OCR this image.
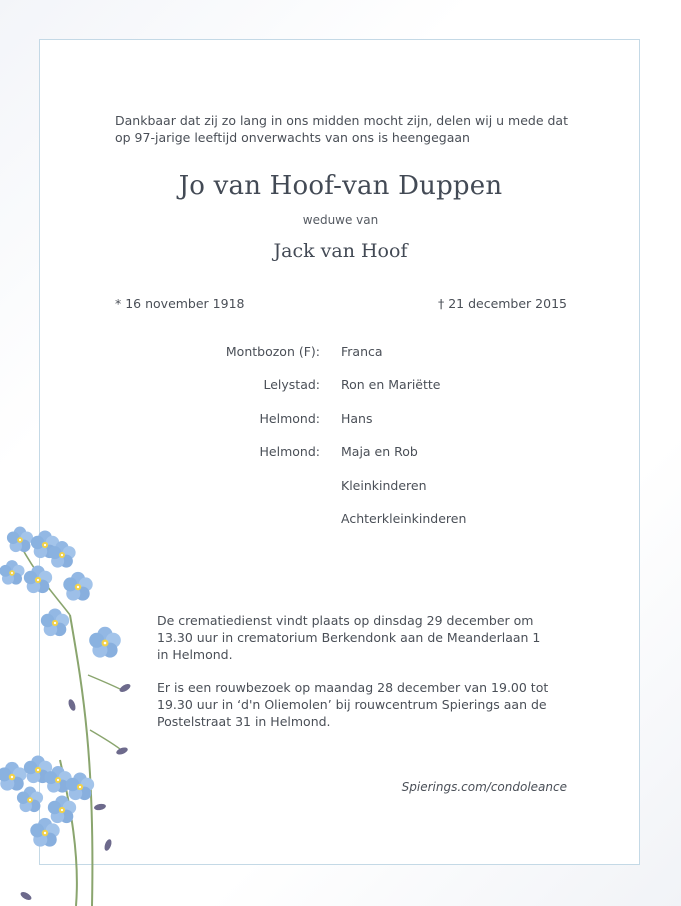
Dankbaar dat zij zo lang in ons midden mocht zijn, delen wij u mede dat
op 97-jarige leeftijd onverwachts van ons is heengegaan
Jo van Hoof-van Duppen
weduwe van
Jack van Hoof
* 16 november 1918	† 21 december 2015
Montbozon (F): Franca
Lelystad: Ron en Mariëtte
Helmond: Hans
Helmond: Maja en Rob
Kleinkinderen
Achterkleinkinderen
De crematiedienst vindt plaats op dinsdag 29 december om
13.30 uur in crematorium Berkendonk aan de Meanderlaan 1
in Helmond.
Er is een rouwbezoek op maandag 28 december van 19.00 tot
19.30 uur in ‘d'n Oliemolen’ bij rouwcentrum Spierings aan de
Postelstraat 31 in Helmond.
Spierings.com/condoleance
